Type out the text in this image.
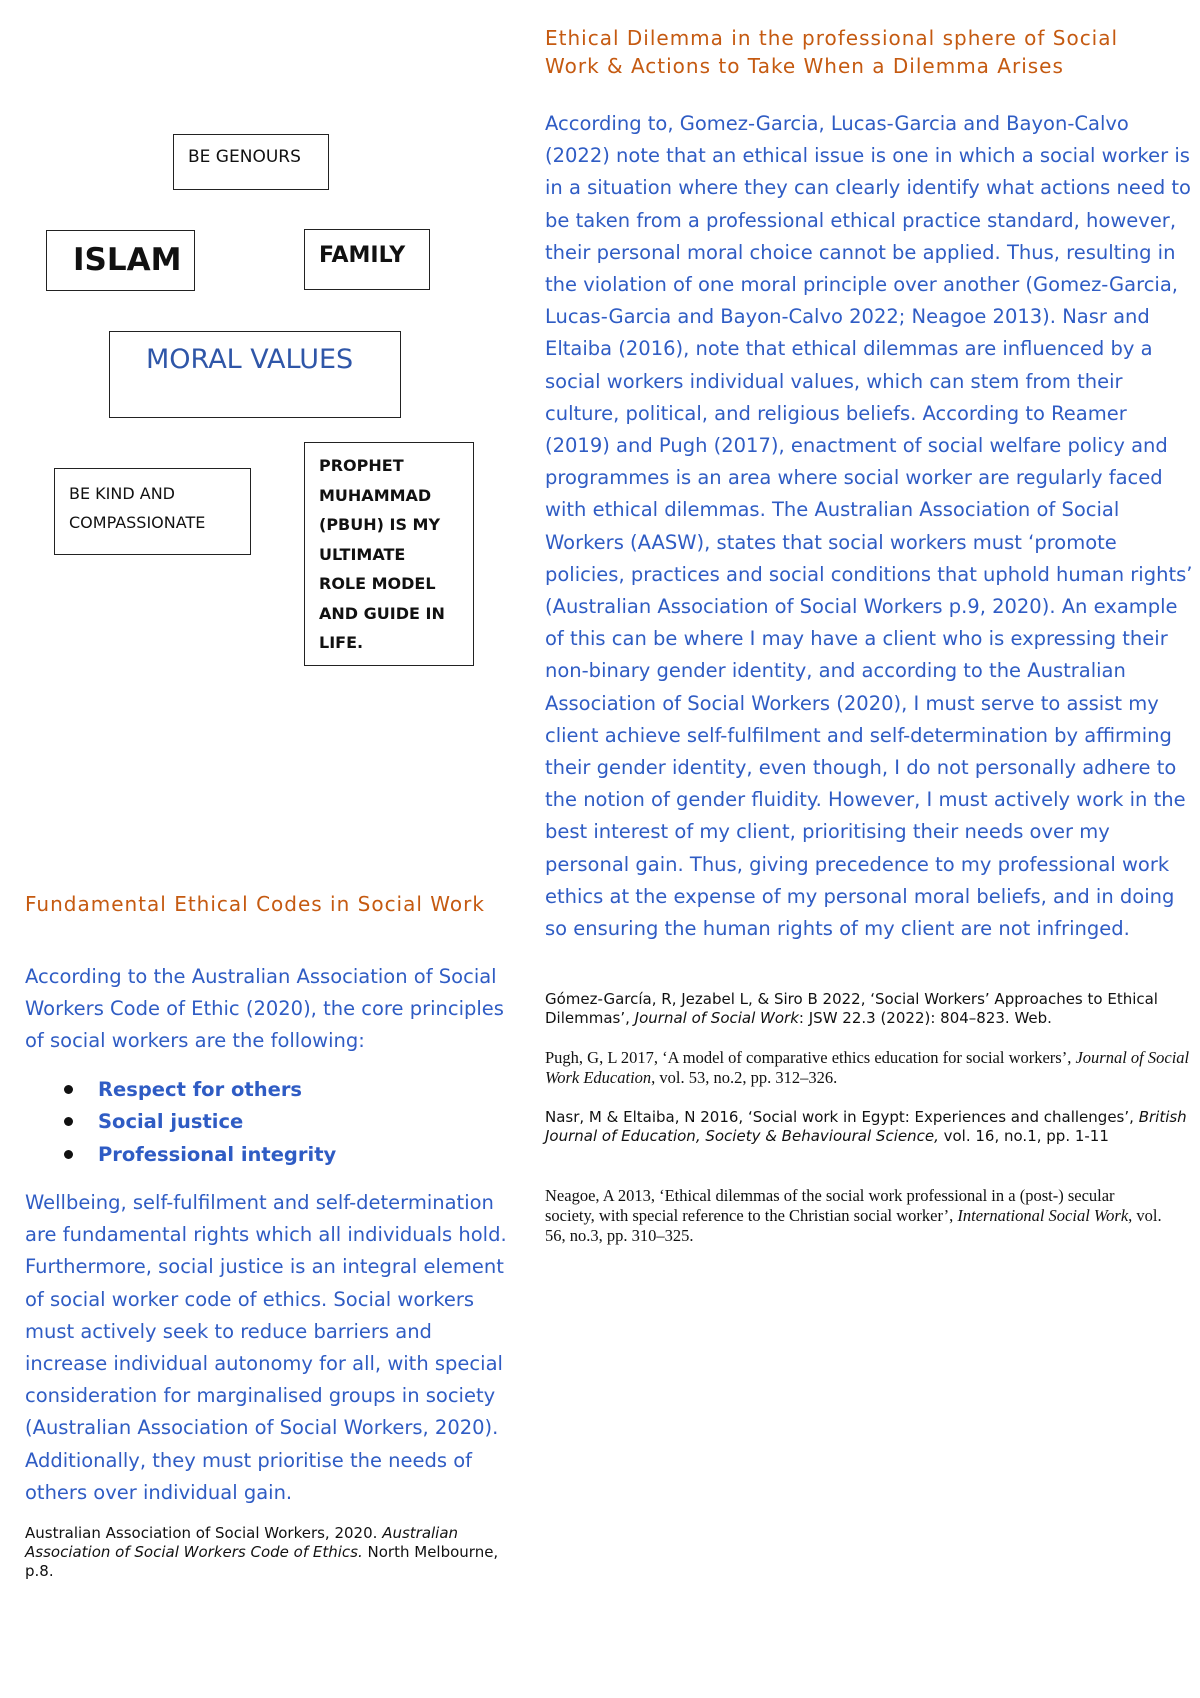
BE GENOURS
ISLAM	FAMILY
MORAL VALUES
BE KIND AND
COMPASSIONATE
PROPHET
MUHAMMAD
(PBUH) IS MY
ULTIMATE
ROLE MODEL
AND GUIDE IN
LIFE.
Ethical Dilemma in the professional sphere of Social Work & Actions to Take When a Dilemma Arises

According to, Gomez-Garcia, Lucas-Garcia and Bayon-Calvo (2022) note that an ethical issue is one in which a social worker is in a situation where they can clearly identify what actions need to be taken from a professional ethical practice standard, however, their personal moral choice cannot be applied. Thus, resulting in the violation of one moral principle over another (Gomez-Garcia, Lucas-Garcia and Bayon-Calvo 2022; Neagoe 2013). Nasr and Eltaiba (2016), note that ethical dilemmas are influenced by a social workers individual values, which can stem from their culture, political, and religious beliefs. According to Reamer (2019) and Pugh (2017), enactment of social welfare policy and programmes is an area where social worker are regularly faced with ethical dilemmas. The Australian Association of Social Workers (AASW), states that social workers must ‘promote policies, practices and social conditions that uphold human rights’ (Australian Association of Social Workers p.9, 2020). An example of this can be where I may have a client who is expressing their non-binary gender identity, and according to the Australian Association of Social Workers (2020), I must serve to assist my client achieve self-fulfilment and self-determination by affirming their gender identity, even though, I do not personally adhere to the notion of gender fluidity. However, I must actively work in the best interest of my client, prioritising their needs over my personal gain. Thus, giving precedence to my professional work ethics at the expense of my personal moral beliefs, and in doing so ensuring the human rights of my client are not infringed.

Gómez-García, R, Jezabel L, & Siro B 2022, ‘Social Workers’ Approaches to Ethical Dilemmas’, Journal of Social Work: JSW 22.3 (2022): 804–823. Web.

Pugh, G, L 2017, ‘A model of comparative ethics education for social workers’, Journal of Social Work Education, vol. 53, no.2, pp. 312–326.

Nasr, M & Eltaiba, N 2016, ‘Social work in Egypt: Experiences and challenges’, British Journal of Education, Society & Behavioural Science, vol. 16, no.1, pp. 1-11

Neagoe, A 2013, ‘Ethical dilemmas of the social work professional in a (post-) secular society, with special reference to the Christian social worker’, International Social Work, vol. 56, no.3, pp. 310–325.

Fundamental Ethical Codes in Social Work

According to the Australian Association of Social Workers Code of Ethic (2020), the core principles of social workers are the following:

Respect for others
Social justice
Professional integrity

Wellbeing, self-fulfilment and self-determination are fundamental rights which all individuals hold. Furthermore, social justice is an integral element of social worker code of ethics. Social workers must actively seek to reduce barriers and increase individual autonomy for all, with special consideration for marginalised groups in society (Australian Association of Social Workers, 2020). Additionally, they must prioritise the needs of others over individual gain.

Australian Association of Social Workers, 2020. Australian Association of Social Workers Code of Ethics. North Melbourne, p.8.
